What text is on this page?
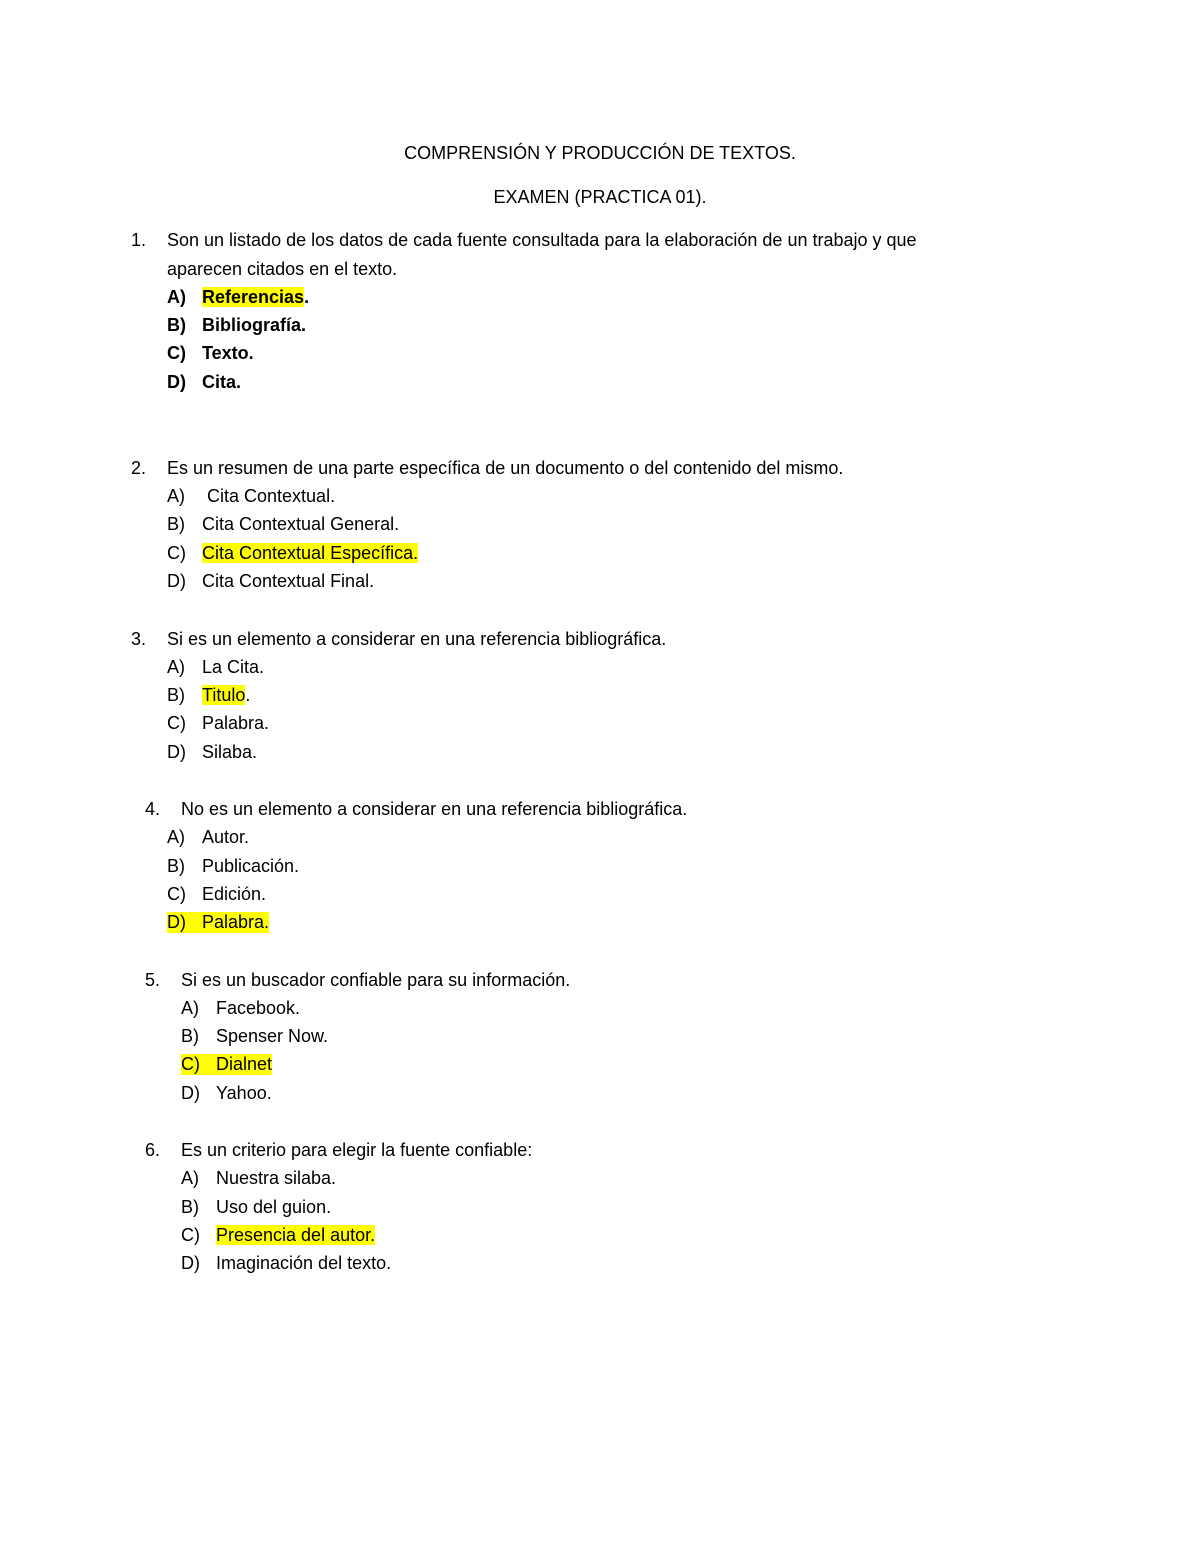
COMPRENSIÓN Y PRODUCCIÓN DE TEXTOS.
EXAMEN (PRACTICA 01).
1. Son un listado de los datos de cada fuente consultada para la elaboración de un trabajo y que
aparecen citados en el texto.
A) Referencias.
B) Bibliografía.
C) Texto.
D) Cita.
2. Es un resumen de una parte específica de un documento o del contenido del mismo.
A) Cita Contextual.
B) Cita Contextual General.
C) Cita Contextual Específica.
D) Cita Contextual Final.
3. Si es un elemento a considerar en una referencia bibliográfica.
A) La Cita.
B) Titulo.
C) Palabra.
D) Silaba.
4. No es un elemento a considerar en una referencia bibliográfica.
A) Autor.
B) Publicación.
C) Edición.
D) Palabra.
5. Si es un buscador confiable para su información.
A) Facebook.
B) Spenser Now.
C) Dialnet
D) Yahoo.
6. Es un criterio para elegir la fuente confiable:
A) Nuestra silaba.
B) Uso del guion.
C) Presencia del autor.
D) Imaginación del texto.
